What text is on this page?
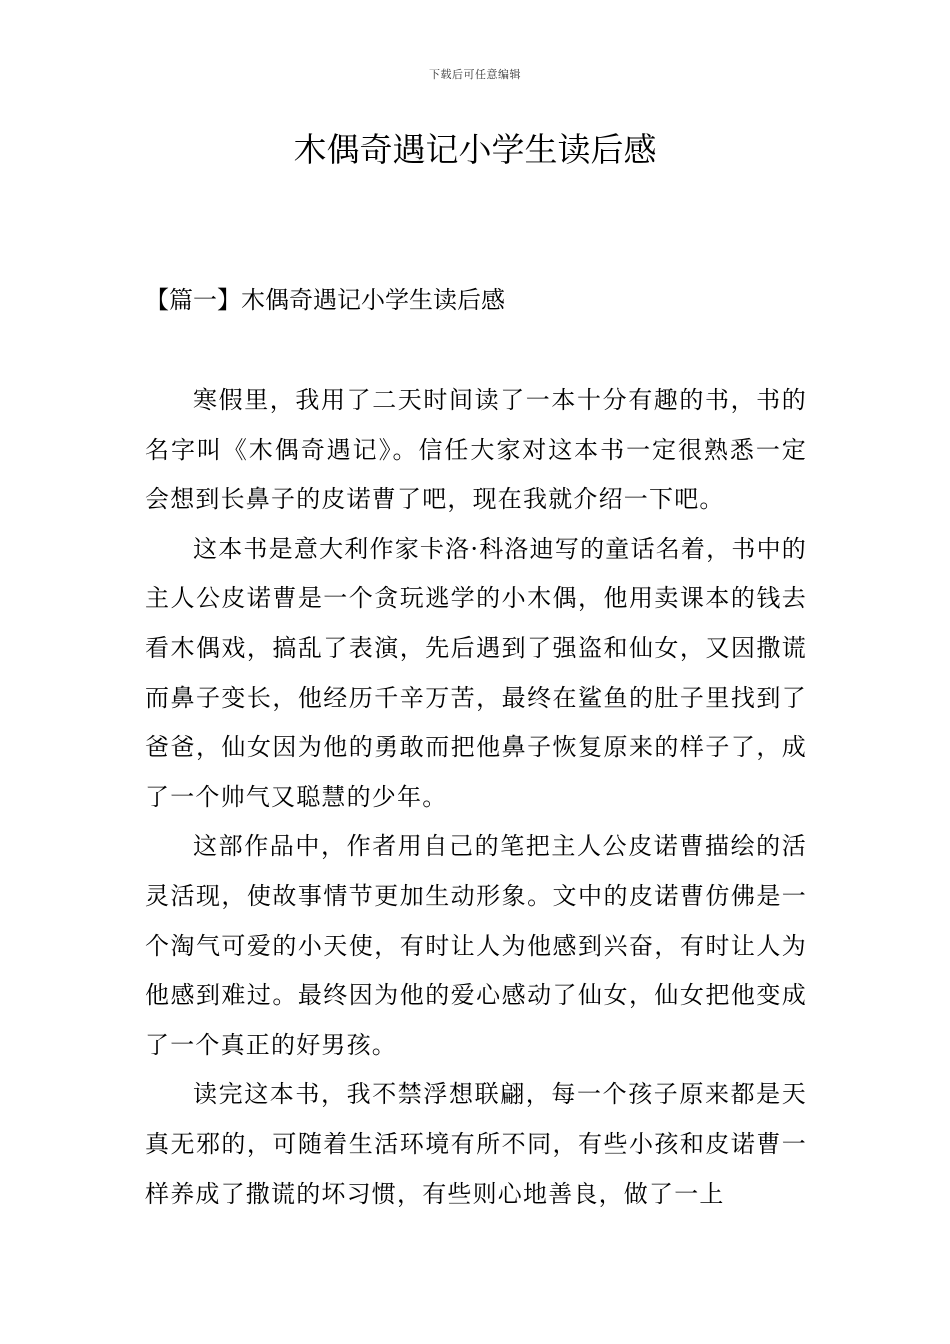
下载后可任意编辑
木偶奇遇记小学生读后感
【篇一】木偶奇遇记小学生读后感

寒假里，我用了二天时间读了一本十分有趣的书，书的名字叫《木偶奇遇记》。信任大家对这本书一定很熟悉一定会想到长鼻子的皮诺曹了吧，现在我就介绍一下吧。

这本书是意大利作家卡洛·科洛迪写的童话名着，书中的主人公皮诺曹是一个贪玩逃学的小木偶，他用卖课本的钱去看木偶戏，搞乱了表演，先后遇到了强盗和仙女，又因撒谎而鼻子变长，他经历千辛万苦，最终在鲨鱼的肚子里找到了爸爸，仙女因为他的勇敢而把他鼻子恢复原来的样子了，成了一个帅气又聪慧的少年。

这部作品中，作者用自己的笔把主人公皮诺曹描绘的活灵活现，使故事情节更加生动形象。文中的皮诺曹仿佛是一个淘气可爱的小天使，有时让人为他感到兴奋，有时让人为他感到难过。最终因为他的爱心感动了仙女，仙女把他变成了一个真正的好男孩。

读完这本书，我不禁浮想联翩，每一个孩子原来都是天真无邪的，可随着生活环境有所不同，有些小孩和皮诺曹一样养成了撒谎的坏习惯，有些则心地善良，做了一上
